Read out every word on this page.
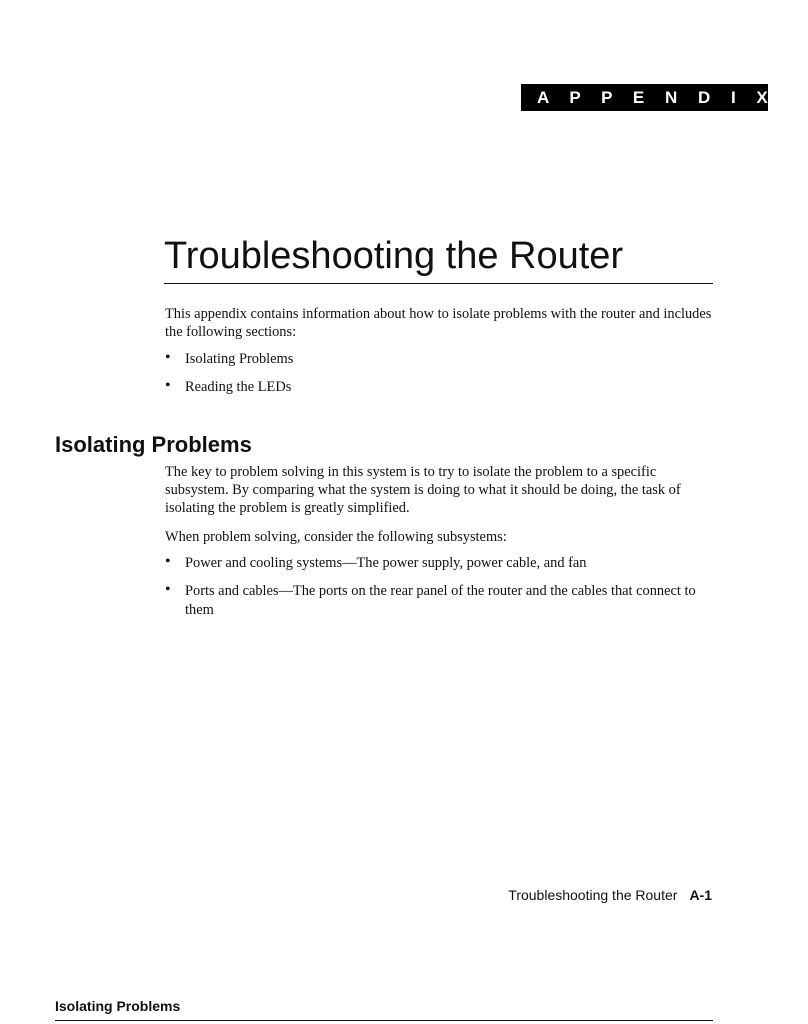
A P P E N D I X A
Troubleshooting the Router

This appendix contains information about how to isolate problems with the router and includes the following sections:

• Isolating Problems
• Reading the LEDs
Isolating Problems

The key to problem solving in this system is to try to isolate the problem to a specific subsystem. By comparing what the system is doing to what it should be doing, the task of isolating the problem is greatly simplified.

When problem solving, consider the following subsystems:

• Power and cooling systems—The power supply, power cable, and fan
• Ports and cables—The ports on the rear panel of the router and the cables that connect to them
Troubleshooting the Router A-1
Isolating Problems
